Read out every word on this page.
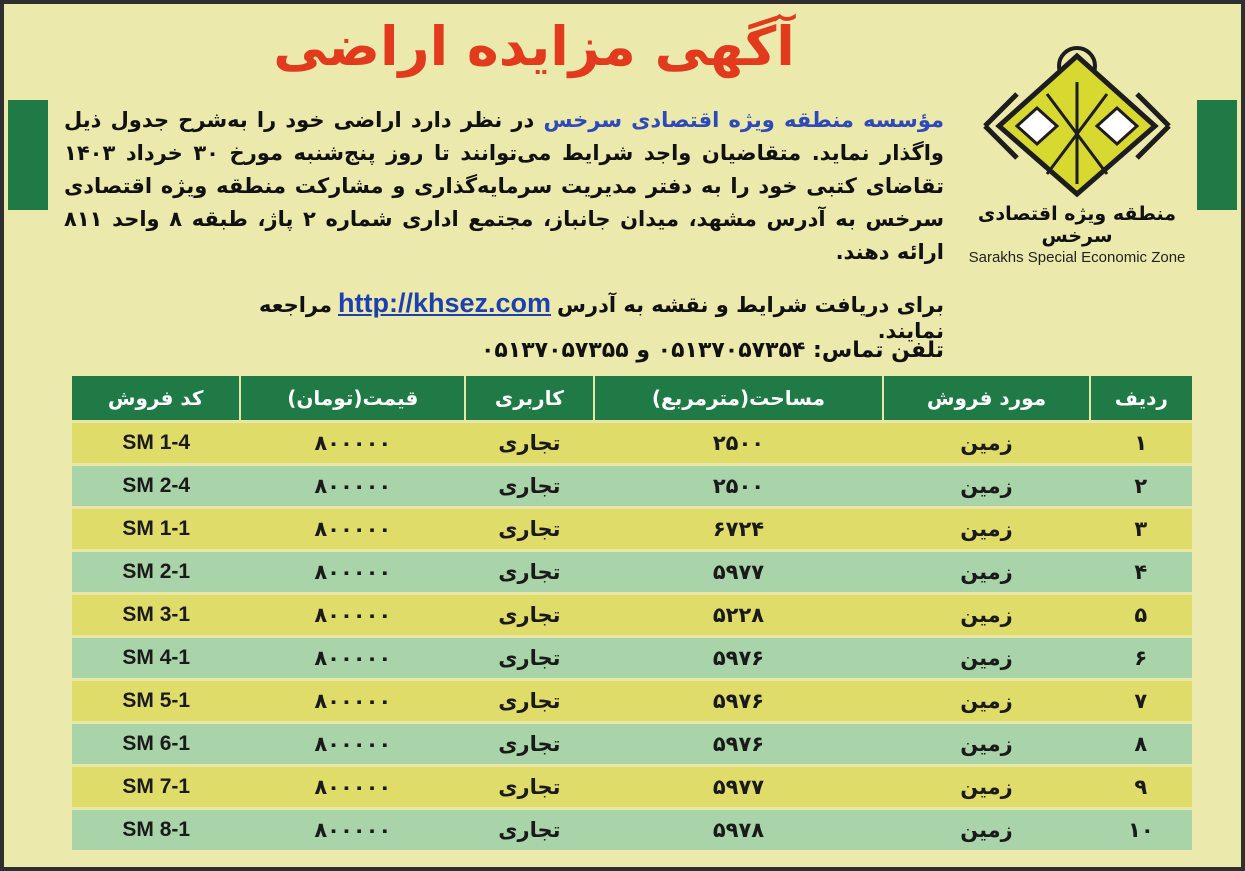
آگهی مزایده اراضی
منطقه ویژه اقتصادی سرخس
Sarakhs Special Economic Zone
مؤسسه منطقه ویژه اقتصادی سرخس در نظر دارد اراضی خود را به‌شرح جدول ذیل واگذار نماید. متقاضیان واجد شرایط می‌توانند تا روز پنج‌شنبه مورخ ۳۰ خرداد ۱۴۰۳ تقاضای کتبی خود را به دفتر مدیریت سرمایه‌گذاری و مشارکت منطقه ویژه اقتصادی سرخس به آدرس مشهد، میدان جانباز، مجتمع اداری شماره ۲ پاژ، طبقه ۸ واحد ۸۱۱ ارائه دهند.
برای دریافت شرایط و نقشه به آدرسhttp://khsez.comمراجعه نمایند.
تلفن تماس: ۰۵۱۳۷۰۵۷۳۵۴ و ۰۵۱۳۷۰۵۷۳۵۵
ردیف	مورد فروش	مساحت(مترمربع)	کاربری	قیمت(تومان)	کد فروش
۱	زمین	۲۵۰۰	تجاری	۸۰۰۰۰۰	SM 1-4
۲	زمین	۲۵۰۰	تجاری	۸۰۰۰۰۰	SM 2-4
۳	زمین	۶۷۲۴	تجاری	۸۰۰۰۰۰	SM 1-1
۴	زمین	۵۹۷۷	تجاری	۸۰۰۰۰۰	SM 2-1
۵	زمین	۵۲۲۸	تجاری	۸۰۰۰۰۰	SM 3-1
۶	زمین	۵۹۷۶	تجاری	۸۰۰۰۰۰	SM 4-1
۷	زمین	۵۹۷۶	تجاری	۸۰۰۰۰۰	SM 5-1
۸	زمین	۵۹۷۶	تجاری	۸۰۰۰۰۰	SM 6-1
۹	زمین	۵۹۷۷	تجاری	۸۰۰۰۰۰	SM 7-1
۱۰	زمین	۵۹۷۸	تجاری	۸۰۰۰۰۰	SM 8-1
